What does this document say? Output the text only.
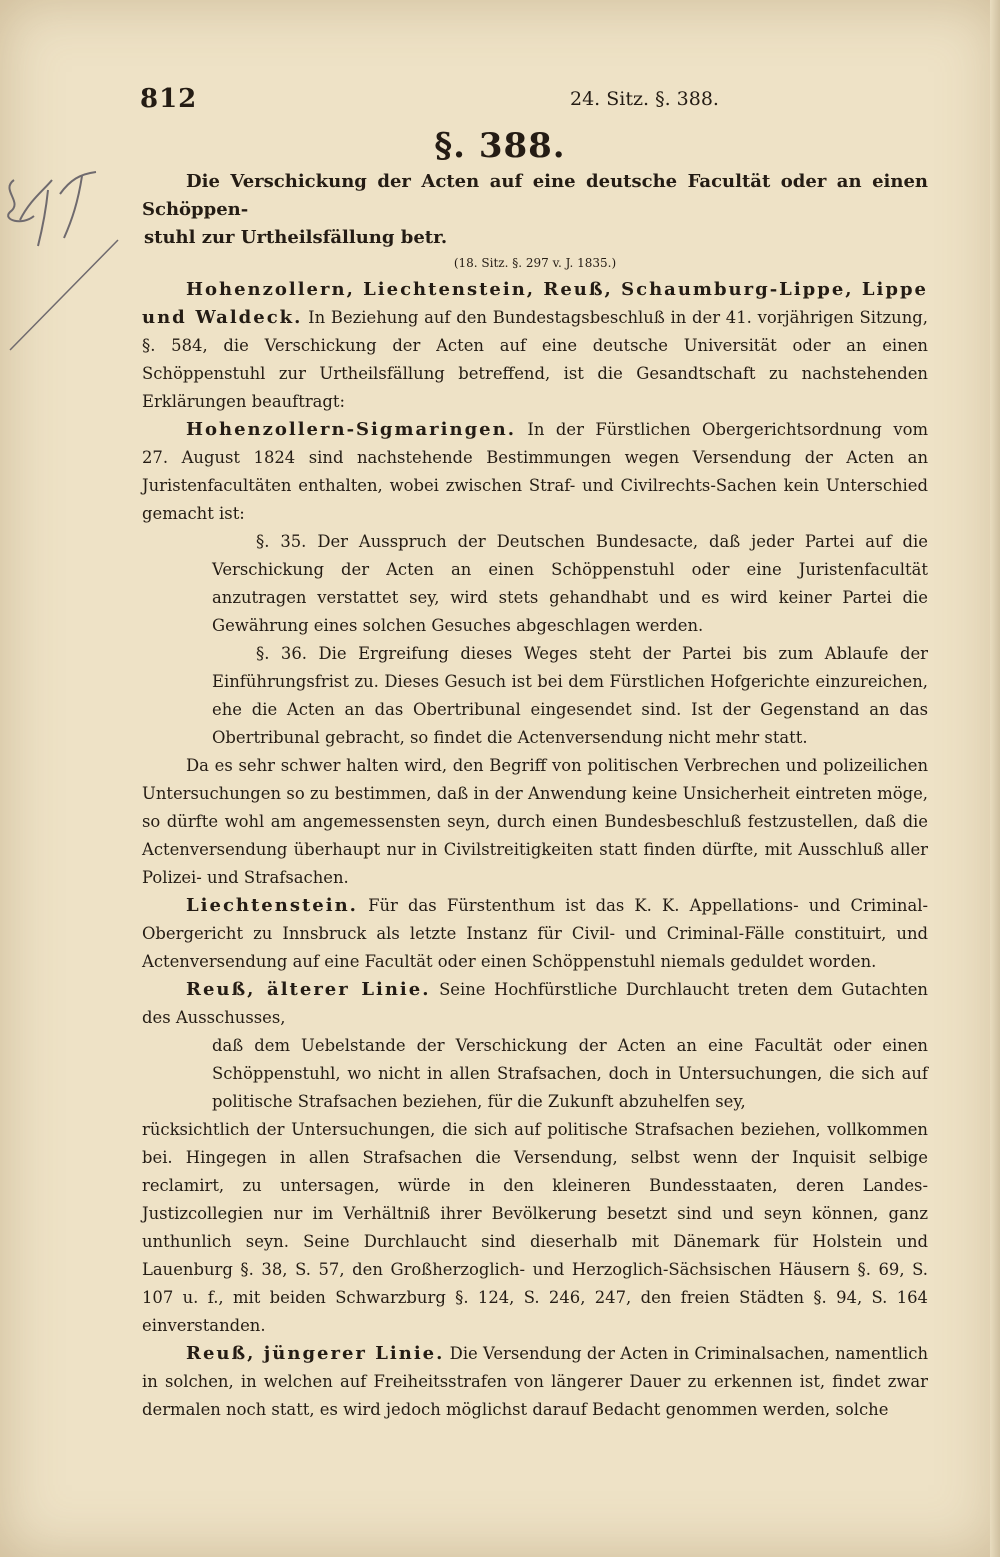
812	24. Sitz. §. 388.
§. 388.

Die Verschickung der Acten auf eine deutsche Facultät oder an einen Schöppen-

stuhl zur Urtheilsfällung betr.

(18. Sitz. §. 297 v. J. 1835.)

Hohenzollern, Liechtenstein, Reuß, Schaumburg-Lippe, Lippe und Waldeck. In Beziehung auf den Bundestagsbeschluß in der 41. vorjährigen Sitzung, §. 584, die Verschickung der Acten auf eine deutsche Universität oder an einen Schöppenstuhl zur Urtheilsfällung betreffend, ist die Gesandtschaft zu nachstehenden Erklärungen beauftragt:

Hohenzollern-Sigmaringen. In der Fürstlichen Obergerichtsordnung vom 27. August 1824 sind nachstehende Bestimmungen wegen Versendung der Acten an Juristenfacultäten enthalten, wobei zwischen Straf- und Civilrechts-Sachen kein Unterschied gemacht ist:

§. 35. Der Ausspruch der Deutschen Bundesacte, daß jeder Partei auf die Verschickung der Acten an einen Schöppenstuhl oder eine Juristenfacultät anzutragen verstattet sey, wird stets gehandhabt und es wird keiner Partei die Gewährung eines solchen Gesuches abgeschlagen werden.

§. 36. Die Ergreifung dieses Weges steht der Partei bis zum Ablaufe der Einführungsfrist zu. Dieses Gesuch ist bei dem Fürstlichen Hofgerichte einzureichen, ehe die Acten an das Obertribunal eingesendet sind. Ist der Gegenstand an das Obertribunal gebracht, so findet die Actenversendung nicht mehr statt.

Da es sehr schwer halten wird, den Begriff von politischen Verbrechen und polizeilichen Untersuchungen so zu bestimmen, daß in der Anwendung keine Unsicherheit eintreten möge, so dürfte wohl am angemessensten seyn, durch einen Bundesbeschluß festzustellen, daß die Actenversendung überhaupt nur in Civilstreitigkeiten statt finden dürfte, mit Ausschluß aller Polizei- und Strafsachen.

Liechtenstein. Für das Fürstenthum ist das K. K. Appellations- und Criminal-Obergericht zu Innsbruck als letzte Instanz für Civil- und Criminal-Fälle constituirt, und Actenversendung auf eine Facultät oder einen Schöppenstuhl niemals geduldet worden.

Reuß, älterer Linie. Seine Hochfürstliche Durchlaucht treten dem Gutachten des Ausschusses,

daß dem Uebelstande der Verschickung der Acten an eine Facultät oder einen Schöppenstuhl, wo nicht in allen Strafsachen, doch in Untersuchungen, die sich auf politische Strafsachen beziehen, für die Zukunft abzuhelfen sey,

rücksichtlich der Untersuchungen, die sich auf politische Strafsachen beziehen, vollkommen bei. Hingegen in allen Strafsachen die Versendung, selbst wenn der Inquisit selbige reclamirt, zu untersagen, würde in den kleineren Bundesstaaten, deren Landes-Justizcollegien nur im Verhältniß ihrer Bevölkerung besetzt sind und seyn können, ganz unthunlich seyn. Seine Durchlaucht sind dieserhalb mit Dänemark für Holstein und Lauenburg §. 38, S. 57, den Großherzoglich- und Herzoglich-Sächsischen Häusern §. 69, S. 107 u. f., mit beiden Schwarzburg §. 124, S. 246, 247, den freien Städten §. 94, S. 164 einverstanden.

Reuß, jüngerer Linie. Die Versendung der Acten in Criminalsachen, namentlich in solchen, in welchen auf Freiheitsstrafen von längerer Dauer zu erkennen ist, findet zwar dermalen noch statt, es wird jedoch möglichst darauf Bedacht genommen werden, solche
